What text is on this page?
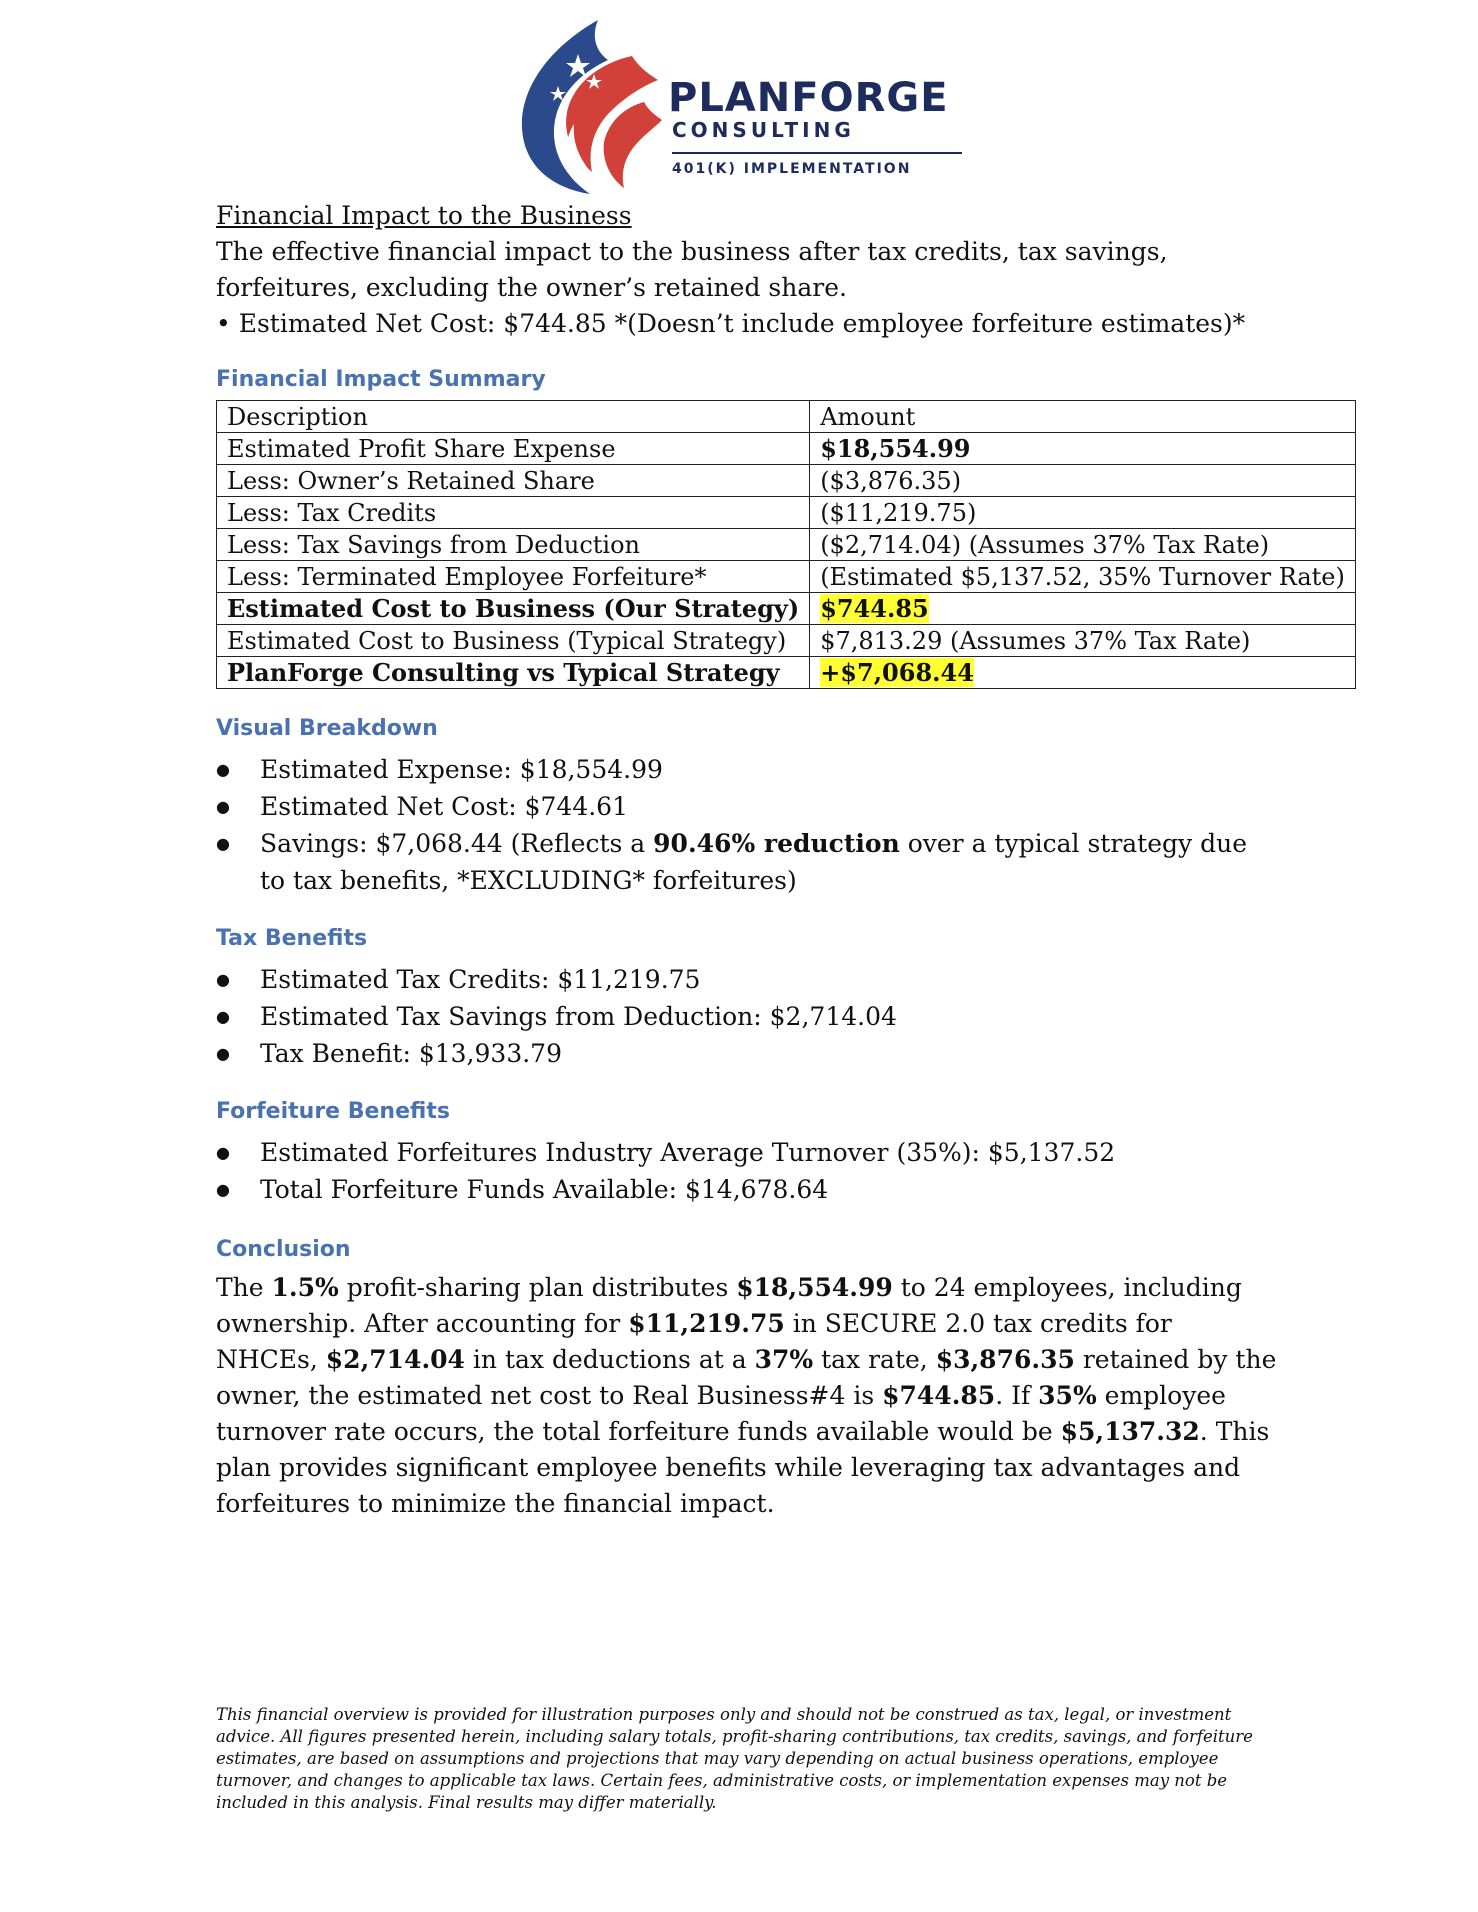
PLANFORGE
CONSULTING
401(K) IMPLEMENTATION
Financial Impact to the Business

The effective financial impact to the business after tax credits, tax savings, forfeitures, excluding the owner’s retained share.

• Estimated Net Cost: $744.85 *(Doesn’t include employee forfeiture estimates)*

Financial Impact Summary
Description	Amount
Estimated Profit Share Expense	$18,554.99
Less: Owner’s Retained Share	($3,876.35)
Less: Tax Credits	($11,219.75)
Less: Tax Savings from Deduction	($2,714.04) (Assumes 37% Tax Rate)
Less: Terminated Employee Forfeiture*	(Estimated $5,137.52, 35% Turnover Rate)
Estimated Cost to Business (Our Strategy)	$744.85
Estimated Cost to Business (Typical Strategy)	$7,813.29 (Assumes 37% Tax Rate)
PlanForge Consulting vs Typical Strategy	+$7,068.44
Visual Breakdown
● Estimated Expense: $18,554.99
● Estimated Net Cost: $744.61
● Savings: $7,068.44 (Reflects a 90.46% reduction over a typical strategy due to tax benefits, *EXCLUDING* forfeitures)
Tax Benefits
● Estimated Tax Credits: $11,219.75
● Estimated Tax Savings from Deduction: $2,714.04
● Tax Benefit: $13,933.79
Forfeiture Benefits
● Estimated Forfeitures Industry Average Turnover (35%): $5,137.52
● Total Forfeiture Funds Available: $14,678.64
Conclusion

The 1.5% profit-sharing plan distributes $18,554.99 to 24 employees, including ownership. After accounting for $11,219.75 in SECURE 2.0 tax credits for NHCEs, $2,714.04 in tax deductions at a 37% tax rate, $3,876.35 retained by the owner, the estimated net cost to Real Business#4 is $744.85. If 35% employee turnover rate occurs, the total forfeiture funds available would be $5,137.32. This plan provides significant employee benefits while leveraging tax advantages and forfeitures to minimize the financial impact.

This financial overview is provided for illustration purposes only and should not be construed as tax, legal, or investment advice. All figures presented herein, including salary totals, profit-sharing contributions, tax credits, savings, and forfeiture estimates, are based on assumptions and projections that may vary depending on actual business operations, employee turnover, and changes to applicable tax laws. Certain fees, administrative costs, or implementation expenses may not be included in this analysis. Final results may differ materially.
